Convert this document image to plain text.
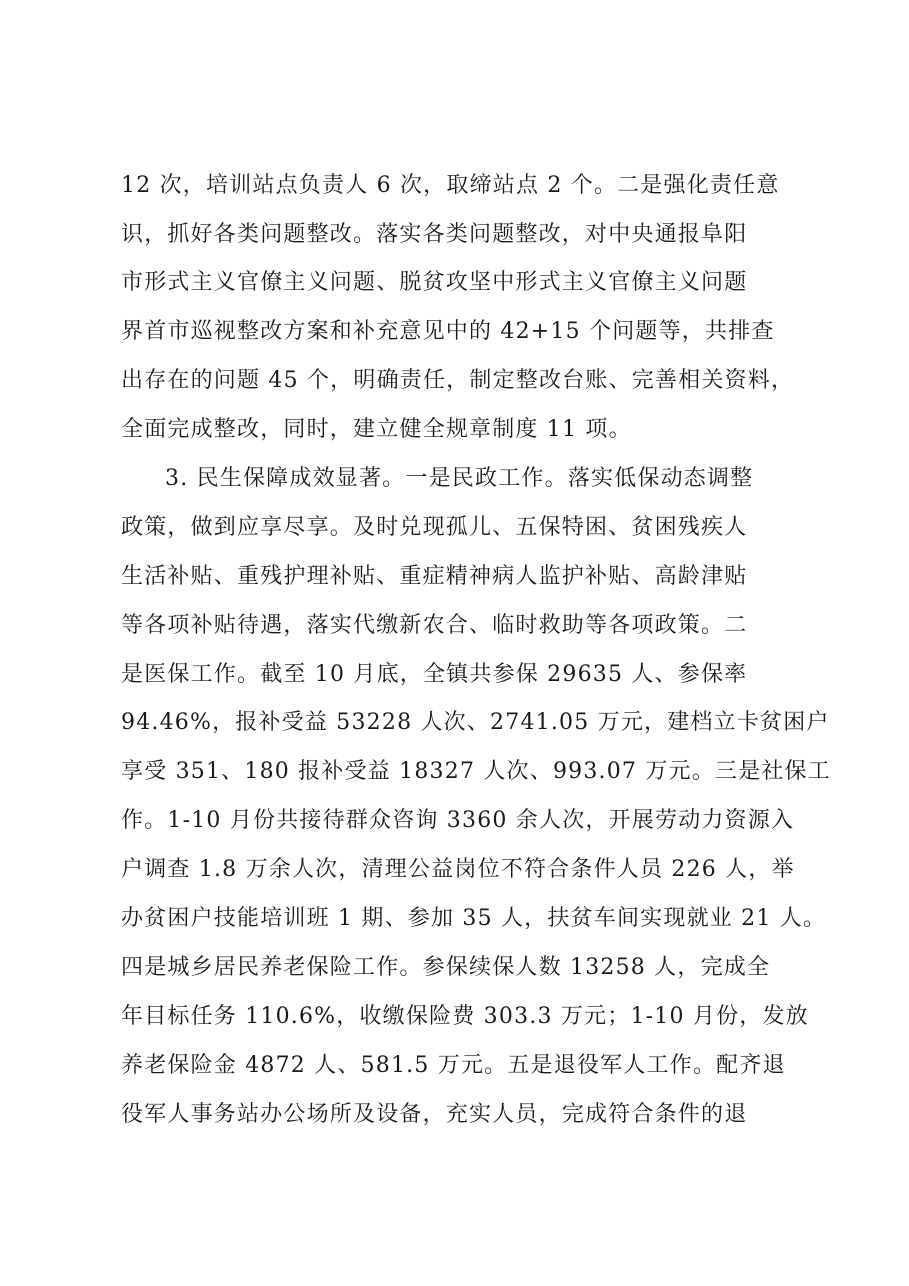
12 次，培训站点负责人 6 次，取缔站点 2 个。二是强化责任意
识，抓好各类问题整改。落实各类问题整改，对中央通报阜阳
市形式主义官僚主义问题、脱贫攻坚中形式主义官僚主义问题
界首市巡视整改方案和补充意见中的 42+15 个问题等，共排查
出存在的问题 45 个，明确责任，制定整改台账、完善相关资料，
全面完成整改，同时，建立健全规章制度 11 项。
3. 民生保障成效显著。一是民政工作。落实低保动态调整
政策，做到应享尽享。及时兑现孤儿、五保特困、贫困残疾人
生活补贴、重残护理补贴、重症精神病人监护补贴、高龄津贴
等各项补贴待遇，落实代缴新农合、临时救助等各项政策。二
是医保工作。截至 10 月底，全镇共参保 29635 人、参保率
94.46%，报补受益 53228 人次、2741.05 万元，建档立卡贫困户
享受 351、180 报补受益 18327 人次、993.07 万元。三是社保工
作。1-10 月份共接待群众咨询 3360 余人次，开展劳动力资源入
户调查 1.8 万余人次，清理公益岗位不符合条件人员 226 人，举
办贫困户技能培训班 1 期、参加 35 人，扶贫车间实现就业 21 人。
四是城乡居民养老保险工作。参保续保人数 13258 人，完成全
年目标任务 110.6%，收缴保险费 303.3 万元；1-10 月份，发放
养老保险金 4872 人、581.5 万元。五是退役军人工作。配齐退
役军人事务站办公场所及设备，充实人员，完成符合条件的退
